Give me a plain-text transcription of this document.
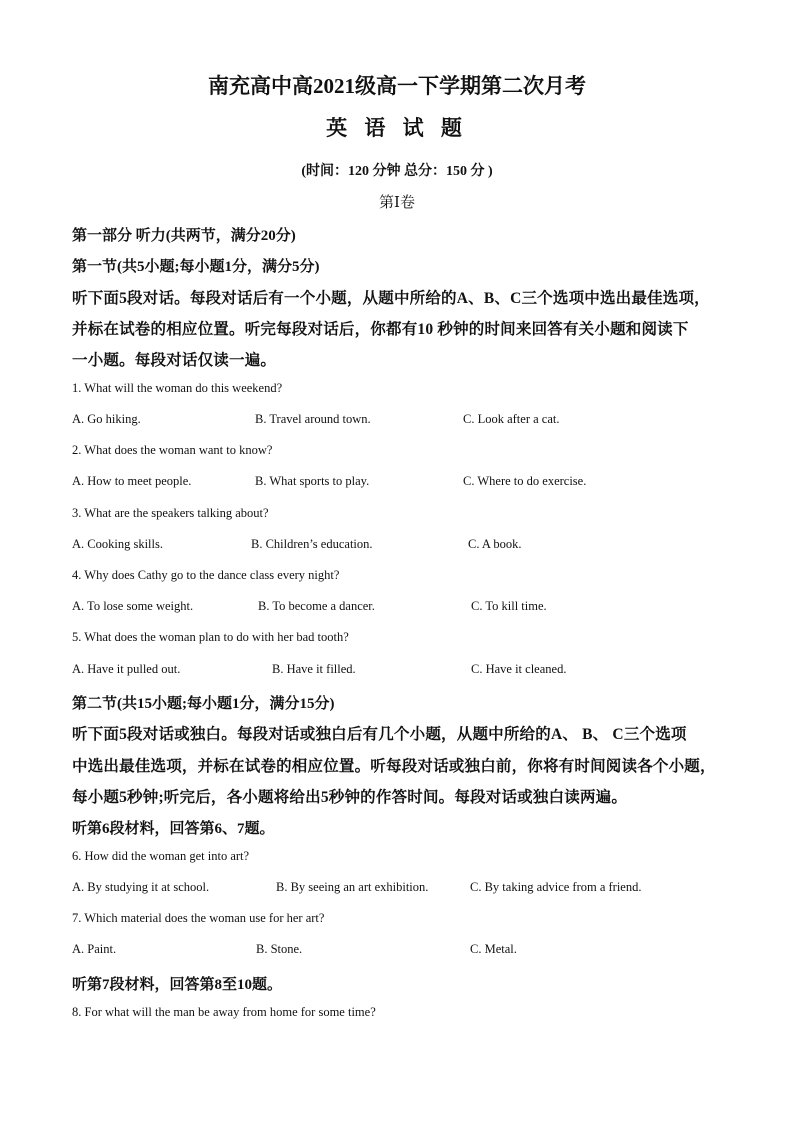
南充高中高2021级高一下学期第二次月考
英 语 试 题
(时间：120 分钟 总分：150 分 )
第Ⅰ卷
第一部分 听力(共两节，满分20分)
第一节(共5小题;每小题1分，满分5分)
听下面5段对话。每段对话后有一个小题，从题中所给的A、B、C三个选项中选出最佳选项，
并标在试卷的相应位置。听完每段对话后，你都有10 秒钟的时间来回答有关小题和阅读下
一小题。每段对话仅读一遍。
1. What will the woman do this weekend?
A. Go hiking.	B. Travel around town.	C. Look after a cat.
2. What does the woman want to know?
A. How to meet people.	B. What sports to play.	C. Where to do exercise.
3. What are the speakers talking about?
A. Cooking skills.	B. Children’s education.	C. A book.
4. Why does Cathy go to the dance class every night?
A. To lose some weight.	B. To become a dancer.	C. To kill time.
5. What does the woman plan to do with her bad tooth?
A. Have it pulled out.	B. Have it filled.	C. Have it cleaned.
第二节(共15小题;每小题1分，满分15分)
听下面5段对话或独白。每段对话或独白后有几个小题，从题中所给的A、 B、 C三个选项
中选出最佳选项，并标在试卷的相应位置。听每段对话或独白前，你将有时间阅读各个小题，
每小题5秒钟;听完后，各小题将给出5秒钟的作答时间。每段对话或独白读两遍。
听第6段材料，回答第6、7题。
6. How did the woman get into art?
A. By studying it at school.	B. By seeing an art exhibition.	C. By taking advice from a friend.
7. Which material does the woman use for her art?
A. Paint.	B. Stone.	C. Metal.
听第7段材料，回答第8至10题。
8. For what will the man be away from home for some time?
